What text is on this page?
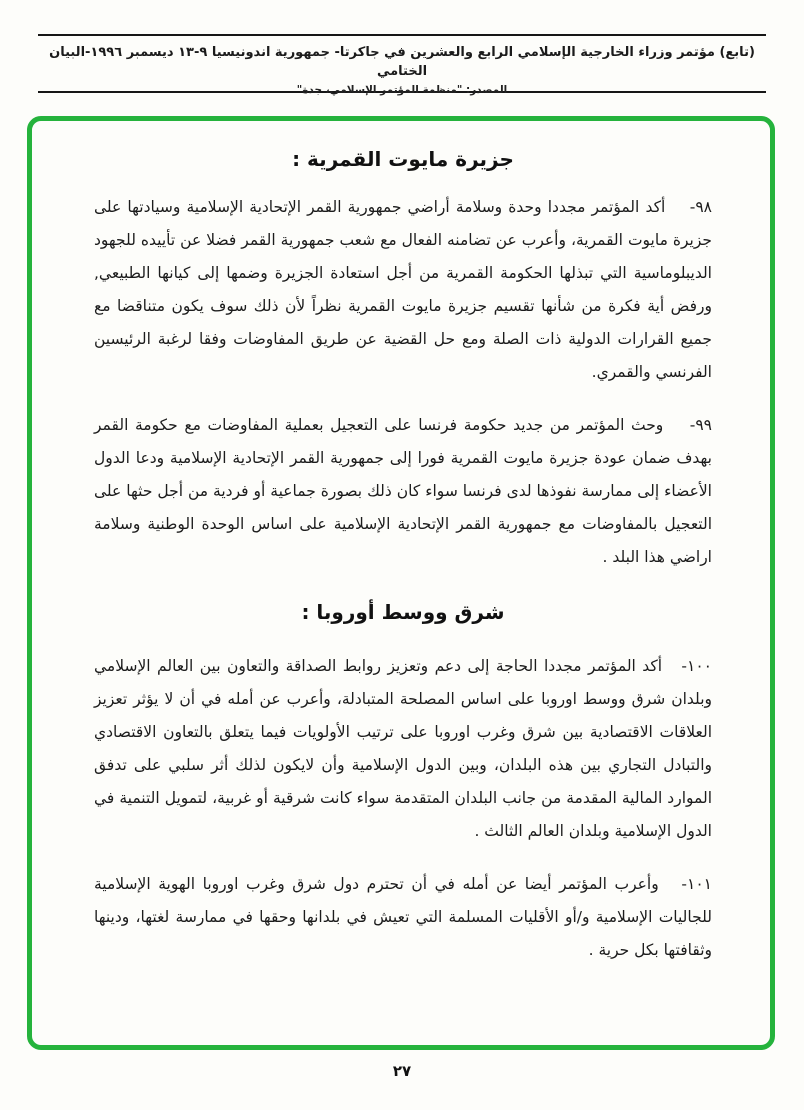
(تابع) مؤتمر وزراء الخارجية الإسلامي الرابع والعشرين في جاكرتا- جمهورية اندونيسيا ٩-١٣ ديسمبر ١٩٩٦-البيان الختامي
المصدر: "منظمة المؤتمر الإسلامي، جدة"
جزيرة مايوت القمرية :

٩٨-    أكد المؤتمر مجددا وحدة وسلامة أراضي جمهورية القمر الإتحادية الإسلامية وسيادتها على جزيرة مايوت القمرية، وأعرب عن تضامنه الفعال مع شعب جمهورية القمر فضلا عن تأييده للجهود الديبلوماسية التي تبذلها الحكومة القمرية من أجل استعادة الجزيرة وضمها إلى كيانها الطبيعي, ورفض أية فكرة من شأنها تقسيم جزيرة مايوت القمرية نظراً لأن ذلك سوف يكون متناقضا مع جميع القرارات الدولية ذات الصلة ومع حل القضية عن طريق المفاوضات وفقا لرغبة الرئيسين الفرنسي والقمري.

٩٩-    وحث المؤتمر من جديد حكومة فرنسا على التعجيل بعملية المفاوضات مع حكومة القمر بهدف ضمان عودة جزيرة مايوت القمرية فورا إلى جمهورية القمر الإتحادية الإسلامية ودعا الدول الأعضاء إلى ممارسة نفوذها لدى فرنسا سواء كان ذلك بصورة جماعية أو فردية من أجل حثها على التعجيل بالمفاوضات مع جمهورية القمر الإتحادية الإسلامية على اساس الوحدة الوطنية وسلامة اراضي هذا البلد .

شرق ووسط أوروبا :

١٠٠-   أكد المؤتمر مجددا الحاجة إلى دعم وتعزيز روابط الصداقة والتعاون بين العالم الإسلامي وبلدان شرق ووسط اوروبا على اساس المصلحة المتبادلة، وأعرب عن أمله في أن لا يؤثر تعزيز العلاقات الاقتصادية بين شرق وغرب اوروبا على ترتيب الأولويات فيما يتعلق بالتعاون الاقتصادي والتبادل التجاري بين هذه البلدان، وبين الدول الإسلامية وأن لايكون لذلك أثر سلبي على تدفق الموارد المالية المقدمة من جانب البلدان المتقدمة سواء كانت شرقية أو غربية، لتمويل التنمية في الدول الإسلامية وبلدان العالم الثالث .

١٠١-   وأعرب المؤتمر أيضا عن أمله في أن تحترم دول شرق وغرب اوروبا الهوية الإسلامية للجاليات الإسلامية و/أو الأقليات المسلمة التي تعيش في بلدانها وحقها في ممارسة لغتها، ودينها وثقافتها بكل حرية .

٢٧
